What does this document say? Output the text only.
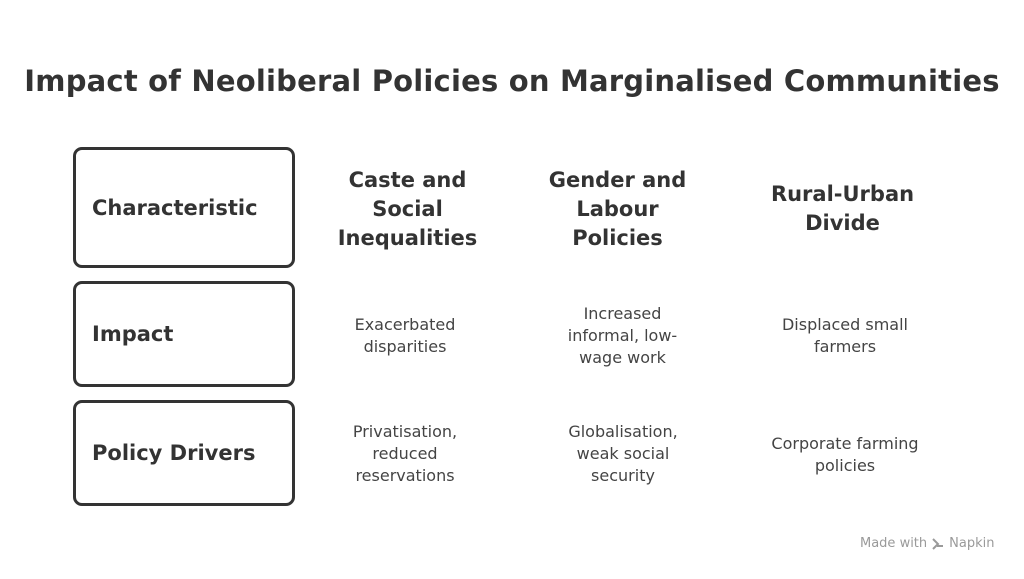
Impact of Neoliberal Policies on Marginalised Communities
Characteristic
Impact
Policy Drivers
Caste and Social Inequalities
Gender and Labour Policies
Rural-Urban Divide
Exacerbated disparities
Increased informal, low-wage work
Displaced small farmers
Privatisation, reduced reservations
Globalisation, weak social security
Corporate farming policies
Made with Napkin
